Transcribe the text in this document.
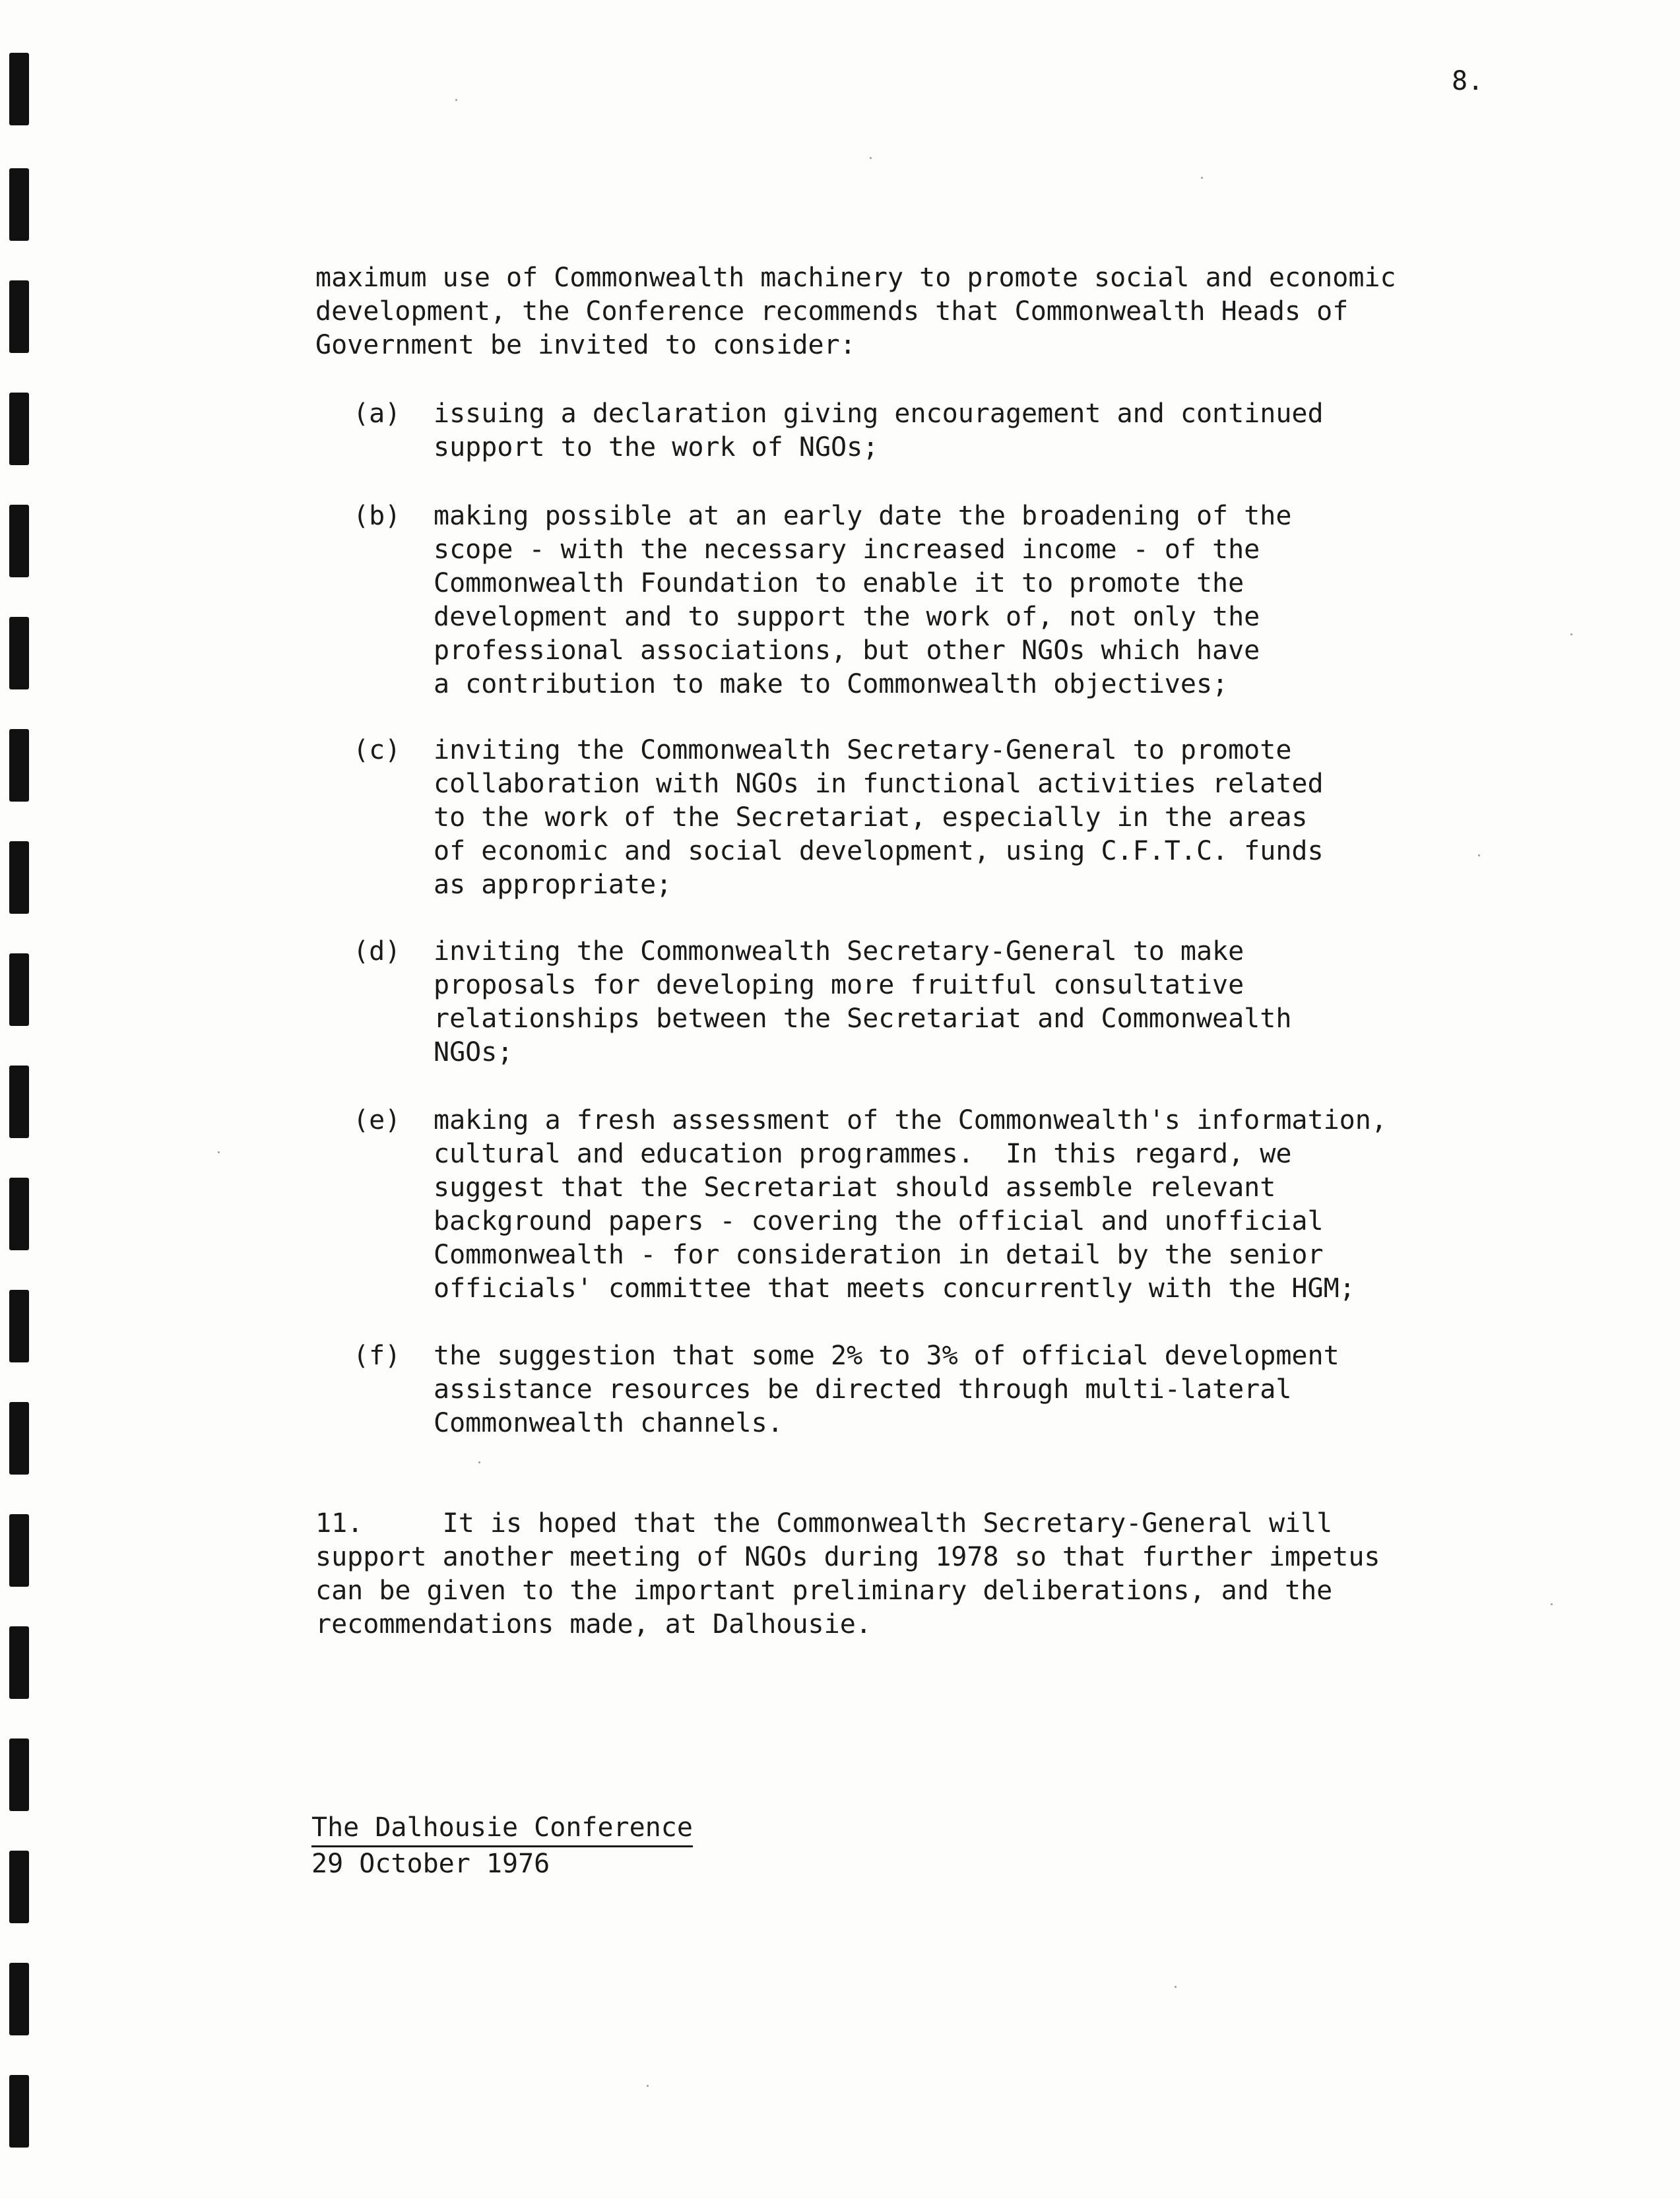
8.

maximum use of Commonwealth machinery to promote social and economic
development, the Conference recommends that Commonwealth Heads of
Government be invited to consider:

(a)	issuing a declaration giving encouragement and continued
support to the work of NGOs;
(b)	making possible at an early date the broadening of the
scope - with the necessary increased income - of the
Commonwealth Foundation to enable it to promote the
development and to support the work of, not only the
professional associations, but other NGOs which have
a contribution to make to Commonwealth objectives;
(c)	inviting the Commonwealth Secretary-General to promote
collaboration with NGOs in functional activities related
to the work of the Secretariat, especially in the areas
of economic and social development, using C.F.T.C. funds
as appropriate;
(d)	inviting the Commonwealth Secretary-General to make
proposals for developing more fruitful consultative
relationships between the Secretariat and Commonwealth
NGOs;
(e)	making a fresh assessment of the Commonwealth's information,
cultural and education programmes.  In this regard, we
suggest that the Secretariat should assemble relevant
background papers - covering the official and unofficial
Commonwealth - for consideration in detail by the senior
officials' committee that meets concurrently with the HGM;
(f)	the suggestion that some 2% to 3% of official development
assistance resources be directed through multi-lateral
Commonwealth channels.
11.	It is hoped that the Commonwealth Secretary-General will
support another meeting of NGOs during 1978 so that further impetus
can be given to the important preliminary deliberations, and the
recommendations made, at Dalhousie.
The Dalhousie Conference
29 October 1976
